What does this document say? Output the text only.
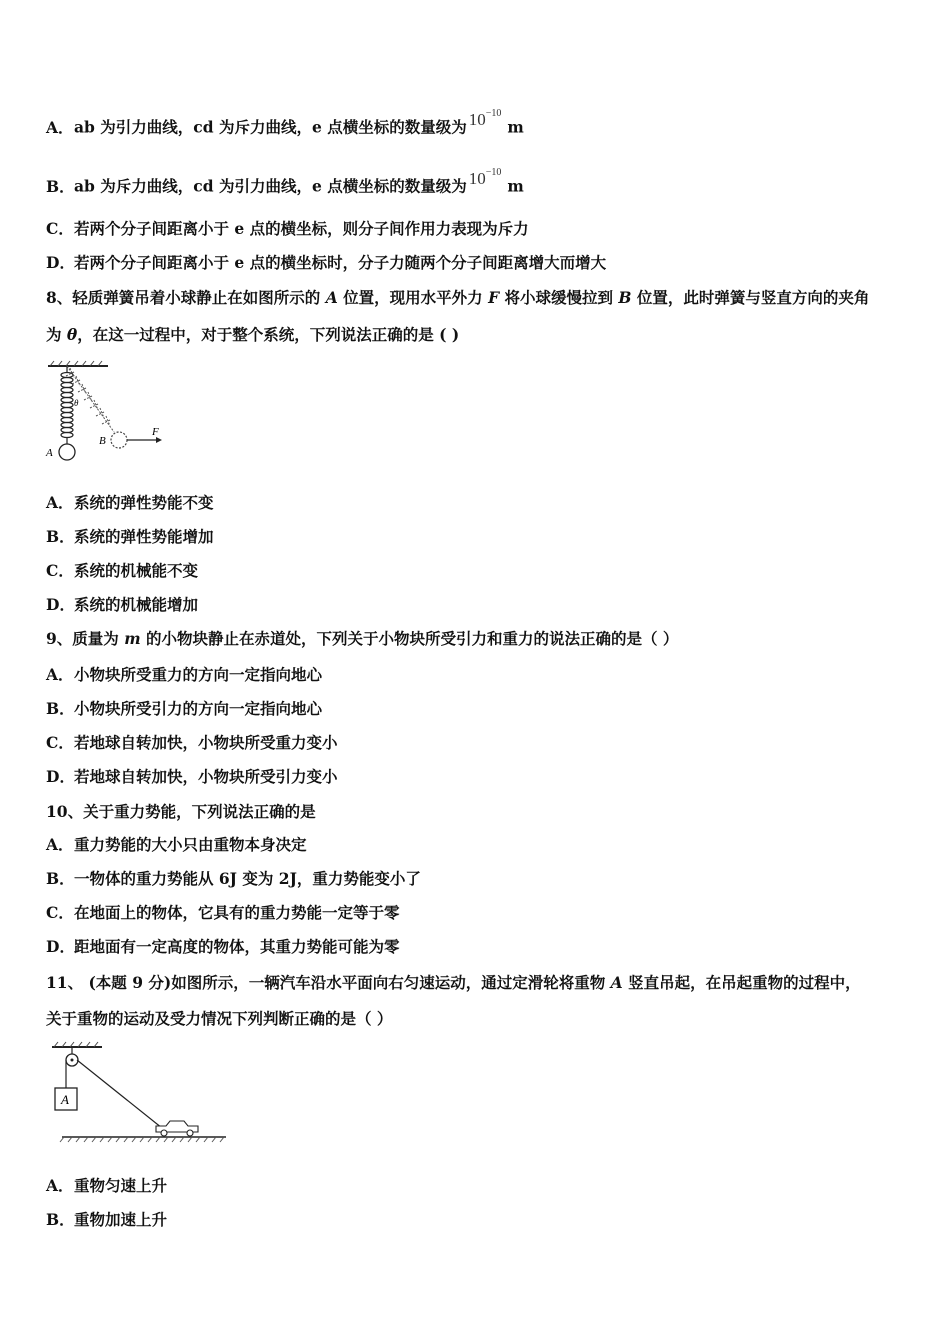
A．ab 为引力曲线，cd 为斥力曲线，e 点横坐标的数量级为 $10^{-10}m$
B．ab 为斥力曲线，cd 为引力曲线，e 点横坐标的数量级为 $10^{-10}m$
C．若两个分子间距离小于 e 点的横坐标，则分子间作用力表现为斥力
D．若两个分子间距离小于 e 点的横坐标时，分子力随两个分子间距离增大而增大
8、轻质弹簧吊着小球静止在如图所示的 A 位置，现用水平外力 F 将小球缓慢拉到 B 位置，此时弹簧与竖直方向的夹角
为 θ，在这一过程中，对于整个系统，下列说法正确的是 ( )
F
B
A
θ
A．系统的弹性势能不变
B．系统的弹性势能增加
C．系统的机械能不变
D．系统的机械能增加
9、质量为 m 的小物块静止在赤道处，下列关于小物块所受引力和重力的说法正确的是（ ）
A．小物块所受重力的方向一定指向地心
B．小物块所受引力的方向一定指向地心
C．若地球自转加快，小物块所受重力变小
D．若地球自转加快，小物块所受引力变小
10、关于重力势能，下列说法正确的是
A．重力势能的大小只由重物本身决定
B．一物体的重力势能从 6J 变为 2J，重力势能变小了
C．在地面上的物体，它具有的重力势能一定等于零
D．距地面有一定高度的物体，其重力势能可能为零
11、 (本题 9 分)如图所示，一辆汽车沿水平面向右匀速运动，通过定滑轮将重物 A 竖直吊起，在吊起重物的过程中，
关于重物的运动及受力情况下列判断正确的是（ ）
A
A．重物匀速上升
B．重物加速上升
